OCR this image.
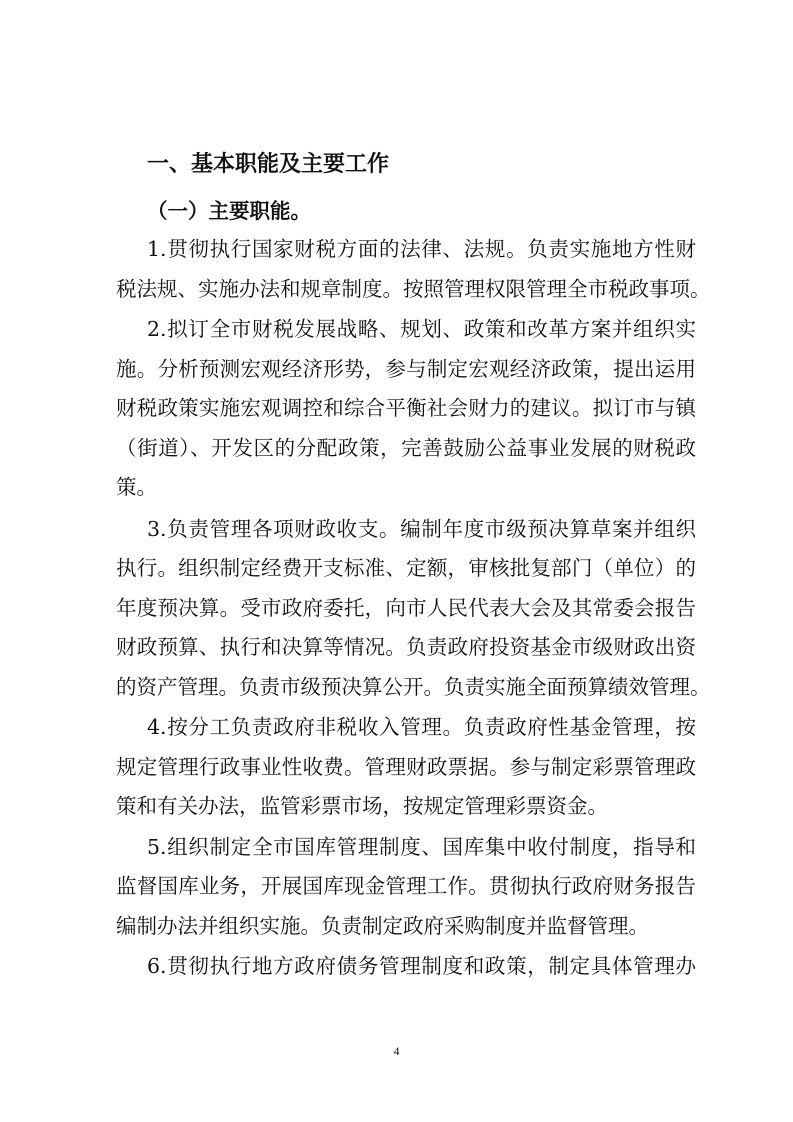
一、基本职能及主要工作
（一）主要职能。
1.贯彻执行国家财税方面的法律、法规。负责实施地方性财
税法规、实施办法和规章制度。按照管理权限管理全市税政事项。
2.拟订全市财税发展战略、规划、政策和改革方案并组织实
施。分析预测宏观经济形势，参与制定宏观经济政策，提出运用
财税政策实施宏观调控和综合平衡社会财力的建议。拟订市与镇
（街道）、开发区的分配政策，完善鼓励公益事业发展的财税政
策。
3.负责管理各项财政收支。编制年度市级预决算草案并组织
执行。组织制定经费开支标准、定额，审核批复部门（单位）的
年度预决算。受市政府委托，向市人民代表大会及其常委会报告
财政预算、执行和决算等情况。负责政府投资基金市级财政出资
的资产管理。负责市级预决算公开。负责实施全面预算绩效管理。
4.按分工负责政府非税收入管理。负责政府性基金管理，按
规定管理行政事业性收费。管理财政票据。参与制定彩票管理政
策和有关办法，监管彩票市场，按规定管理彩票资金。
5.组织制定全市国库管理制度、国库集中收付制度，指导和
监督国库业务，开展国库现金管理工作。贯彻执行政府财务报告
编制办法并组织实施。负责制定政府采购制度并监督管理。
6.贯彻执行地方政府债务管理制度和政策，制定具体管理办
4
